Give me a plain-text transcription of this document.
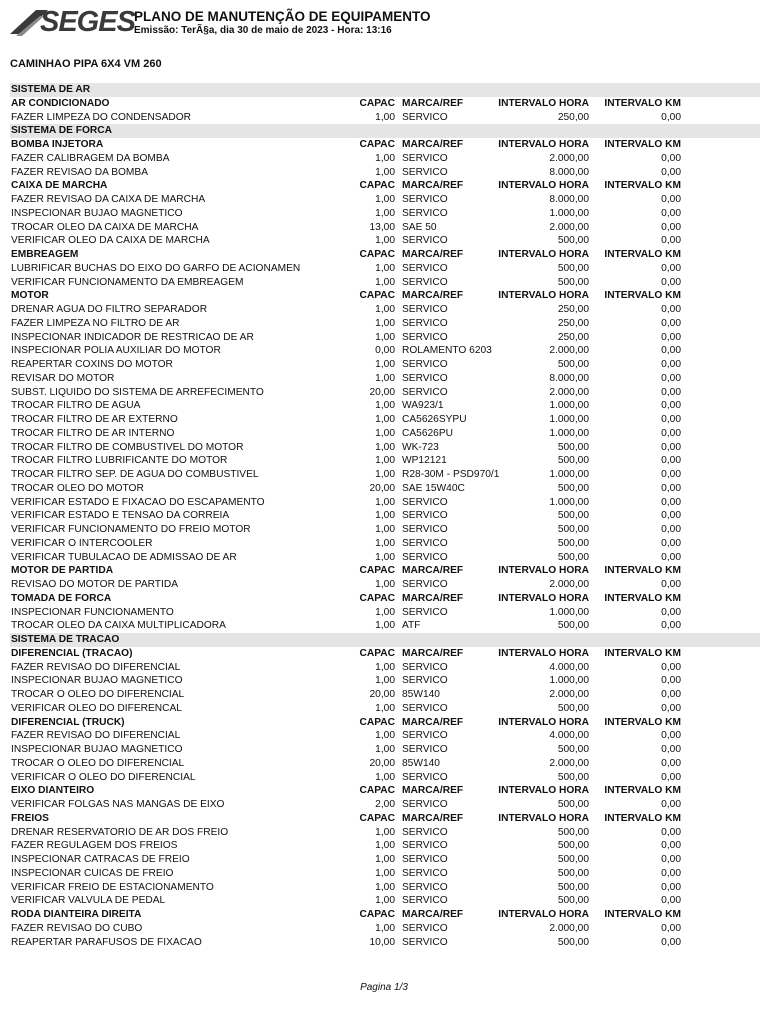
SEGES PLANO DE MANUTENÇÃO DE EQUIPAMENTO
Emissão: TerÃ§a, dia 30 de maio de 2023 - Hora: 13:16
CAMINHAO PIPA 6X4 VM 260
SISTEMA DE AR
AR CONDICIONADO	CAPAC MARCA/REF	INTERVALO HORA	INTERVALO KM
FAZER LIMPEZA DO CONDENSADOR	1,00 SERVICO	250,00	0,00
SISTEMA DE FORCA
BOMBA INJETORA	CAPAC MARCA/REF	INTERVALO HORA	INTERVALO KM
FAZER CALIBRAGEM DA BOMBA	1,00 SERVICO	2.000,00	0,00
FAZER REVISAO DA BOMBA	1,00 SERVICO	8.000,00	0,00
CAIXA DE MARCHA	CAPAC MARCA/REF	INTERVALO HORA	INTERVALO KM
FAZER REVISAO DA CAIXA DE MARCHA	1,00 SERVICO	8.000,00	0,00
INSPECIONAR BUJAO MAGNETICO	1,00 SERVICO	1.000,00	0,00
TROCAR OLEO DA CAIXA DE MARCHA	13,00 SAE 50	2.000,00	0,00
VERIFICAR OLEO DA CAIXA DE MARCHA	1,00 SERVICO	500,00	0,00
EMBREAGEM	CAPAC MARCA/REF	INTERVALO HORA	INTERVALO KM
LUBRIFICAR BUCHAS DO EIXO DO GARFO DE ACIONAMEN	1,00 SERVICO	500,00	0,00
VERIFICAR FUNCIONAMENTO DA EMBREAGEM	1,00 SERVICO	500,00	0,00
MOTOR	CAPAC MARCA/REF	INTERVALO HORA	INTERVALO KM
DRENAR AGUA DO FILTRO SEPARADOR	1,00 SERVICO	250,00	0,00
FAZER LIMPEZA NO FILTRO DE AR	1,00 SERVICO	250,00	0,00
INSPECIONAR INDICADOR DE RESTRICAO DE AR	1,00 SERVICO	250,00	0,00
INSPECIONAR POLIA AUXILIAR DO MOTOR	0,00 ROLAMENTO 6203	2.000,00	0,00
REAPERTAR COXINS DO MOTOR	1,00 SERVICO	500,00	0,00
REVISAR DO MOTOR	1,00 SERVICO	8.000,00	0,00
SUBST. LIQUIDO DO SISTEMA DE ARREFECIMENTO	20,00 SERVICO	2.000,00	0,00
TROCAR FILTRO DE AGUA	1,00 WA923/1	1.000,00	0,00
TROCAR FILTRO DE AR EXTERNO	1,00 CA5626SYPU	1.000,00	0,00
TROCAR FILTRO DE AR INTERNO	1,00 CA5626PU	1.000,00	0,00
TROCAR FILTRO DE COMBUSTIVEL DO MOTOR	1,00 WK-723	500,00	0,00
TROCAR FILTRO LUBRIFICANTE DO MOTOR	1,00 WP12121	500,00	0,00
TROCAR FILTRO SEP. DE AGUA DO COMBUSTIVEL	1,00 R28-30M - PSD970/1	1.000,00	0,00
TROCAR OLEO DO MOTOR	20,00 SAE 15W40C	500,00	0,00
VERIFICAR ESTADO E FIXACAO DO ESCAPAMENTO	1,00 SERVICO	1.000,00	0,00
VERIFICAR ESTADO E TENSAO DA CORREIA	1,00 SERVICO	500,00	0,00
VERIFICAR FUNCIONAMENTO DO FREIO MOTOR	1,00 SERVICO	500,00	0,00
VERIFICAR O INTERCOOLER	1,00 SERVICO	500,00	0,00
VERIFICAR TUBULACAO DE ADMISSAO DE AR	1,00 SERVICO	500,00	0,00
MOTOR DE PARTIDA	CAPAC MARCA/REF	INTERVALO HORA	INTERVALO KM
REVISAO DO MOTOR DE PARTIDA	1,00 SERVICO	2.000,00	0,00
TOMADA DE FORCA	CAPAC MARCA/REF	INTERVALO HORA	INTERVALO KM
INSPECIONAR FUNCIONAMENTO	1,00 SERVICO	1.000,00	0,00
TROCAR OLEO DA CAIXA MULTIPLICADORA	1,00 ATF	500,00	0,00
SISTEMA DE TRACAO
DIFERENCIAL (TRACAO)	CAPAC MARCA/REF	INTERVALO HORA	INTERVALO KM
FAZER REVISAO DO DIFERENCIAL	1,00 SERVICO	4.000,00	0,00
INSPECIONAR BUJAO MAGNETICO	1,00 SERVICO	1.000,00	0,00
TROCAR O OLEO DO DIFERENCIAL	20,00 85W140	2.000,00	0,00
VERIFICAR OLEO DO DIFERENCAL	1,00 SERVICO	500,00	0,00
DIFERENCIAL (TRUCK)	CAPAC MARCA/REF	INTERVALO HORA	INTERVALO KM
FAZER REVISAO DO DIFERENCIAL	1,00 SERVICO	4.000,00	0,00
INSPECIONAR BUJAO MAGNETICO	1,00 SERVICO	500,00	0,00
TROCAR O OLEO DO DIFERENCIAL	20,00 85W140	2.000,00	0,00
VERIFICAR O OLEO DO DIFERENCIAL	1,00 SERVICO	500,00	0,00
EIXO DIANTEIRO	CAPAC MARCA/REF	INTERVALO HORA	INTERVALO KM
VERIFICAR FOLGAS NAS MANGAS DE EIXO	2,00 SERVICO	500,00	0,00
FREIOS	CAPAC MARCA/REF	INTERVALO HORA	INTERVALO KM
DRENAR RESERVATORIO DE AR DOS FREIO	1,00 SERVICO	500,00	0,00
FAZER REGULAGEM DOS FREIOS	1,00 SERVICO	500,00	0,00
INSPECIONAR CATRACAS DE FREIO	1,00 SERVICO	500,00	0,00
INSPECIONAR CUICAS DE FREIO	1,00 SERVICO	500,00	0,00
VERIFICAR FREIO DE ESTACIONAMENTO	1,00 SERVICO	500,00	0,00
VERIFICAR VALVULA DE PEDAL	1,00 SERVICO	500,00	0,00
RODA DIANTEIRA DIREITA	CAPAC MARCA/REF	INTERVALO HORA	INTERVALO KM
FAZER REVISAO DO CUBO	1,00 SERVICO	2.000,00	0,00
REAPERTAR PARAFUSOS DE FIXACAO	10,00 SERVICO	500,00	0,00
Pagina 1/3
